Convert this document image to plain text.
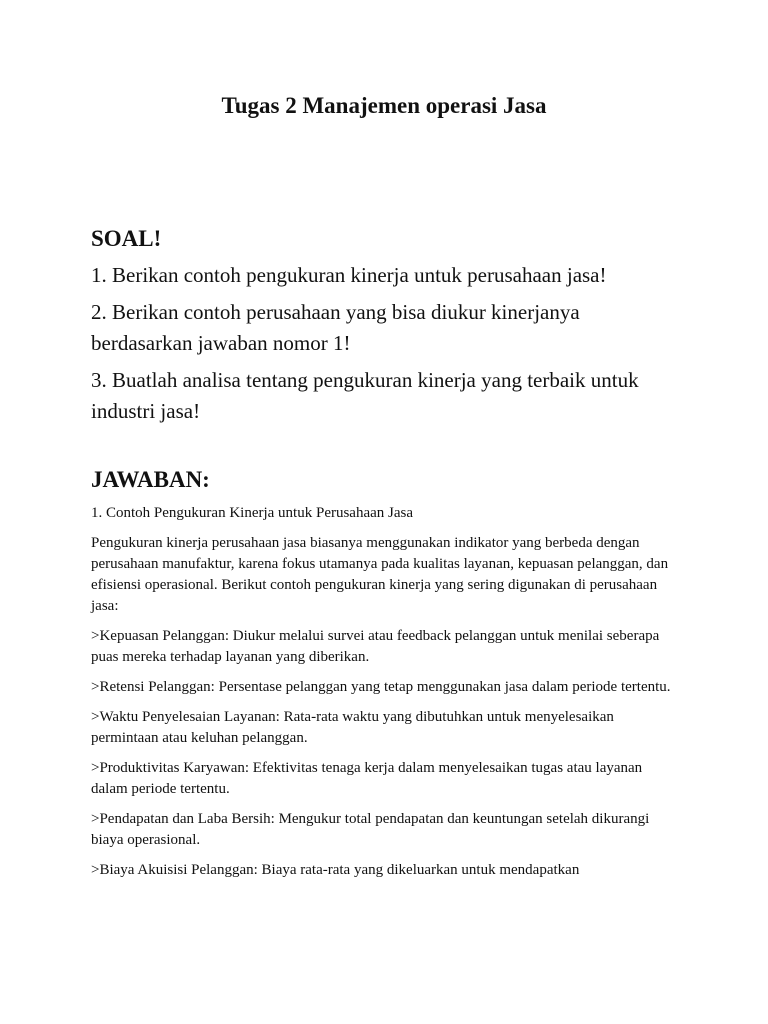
Tugas 2 Manajemen operasi Jasa
SOAL!
1. Berikan contoh pengukuran kinerja untuk perusahaan jasa!
2. Berikan contoh perusahaan yang bisa diukur kinerjanya berdasarkan jawaban nomor 1!
3. Buatlah analisa tentang pengukuran kinerja yang terbaik untuk industri jasa!
JAWABAN:

1. Contoh Pengukuran Kinerja untuk Perusahaan Jasa

Pengukuran kinerja perusahaan jasa biasanya menggunakan indikator yang berbeda dengan perusahaan manufaktur, karena fokus utamanya pada kualitas layanan, kepuasan pelanggan, dan efisiensi operasional. Berikut contoh pengukuran kinerja yang sering digunakan di perusahaan jasa:

>Kepuasan Pelanggan: Diukur melalui survei atau feedback pelanggan untuk menilai seberapa puas mereka terhadap layanan yang diberikan.

>Retensi Pelanggan: Persentase pelanggan yang tetap menggunakan jasa dalam periode tertentu.

>Waktu Penyelesaian Layanan: Rata-rata waktu yang dibutuhkan untuk menyelesaikan permintaan atau keluhan pelanggan.

>Produktivitas Karyawan: Efektivitas tenaga kerja dalam menyelesaikan tugas atau layanan dalam periode tertentu.

>Pendapatan dan Laba Bersih: Mengukur total pendapatan dan keuntungan setelah dikurangi biaya operasional.

>Biaya Akuisisi Pelanggan: Biaya rata-rata yang dikeluarkan untuk mendapatkan
